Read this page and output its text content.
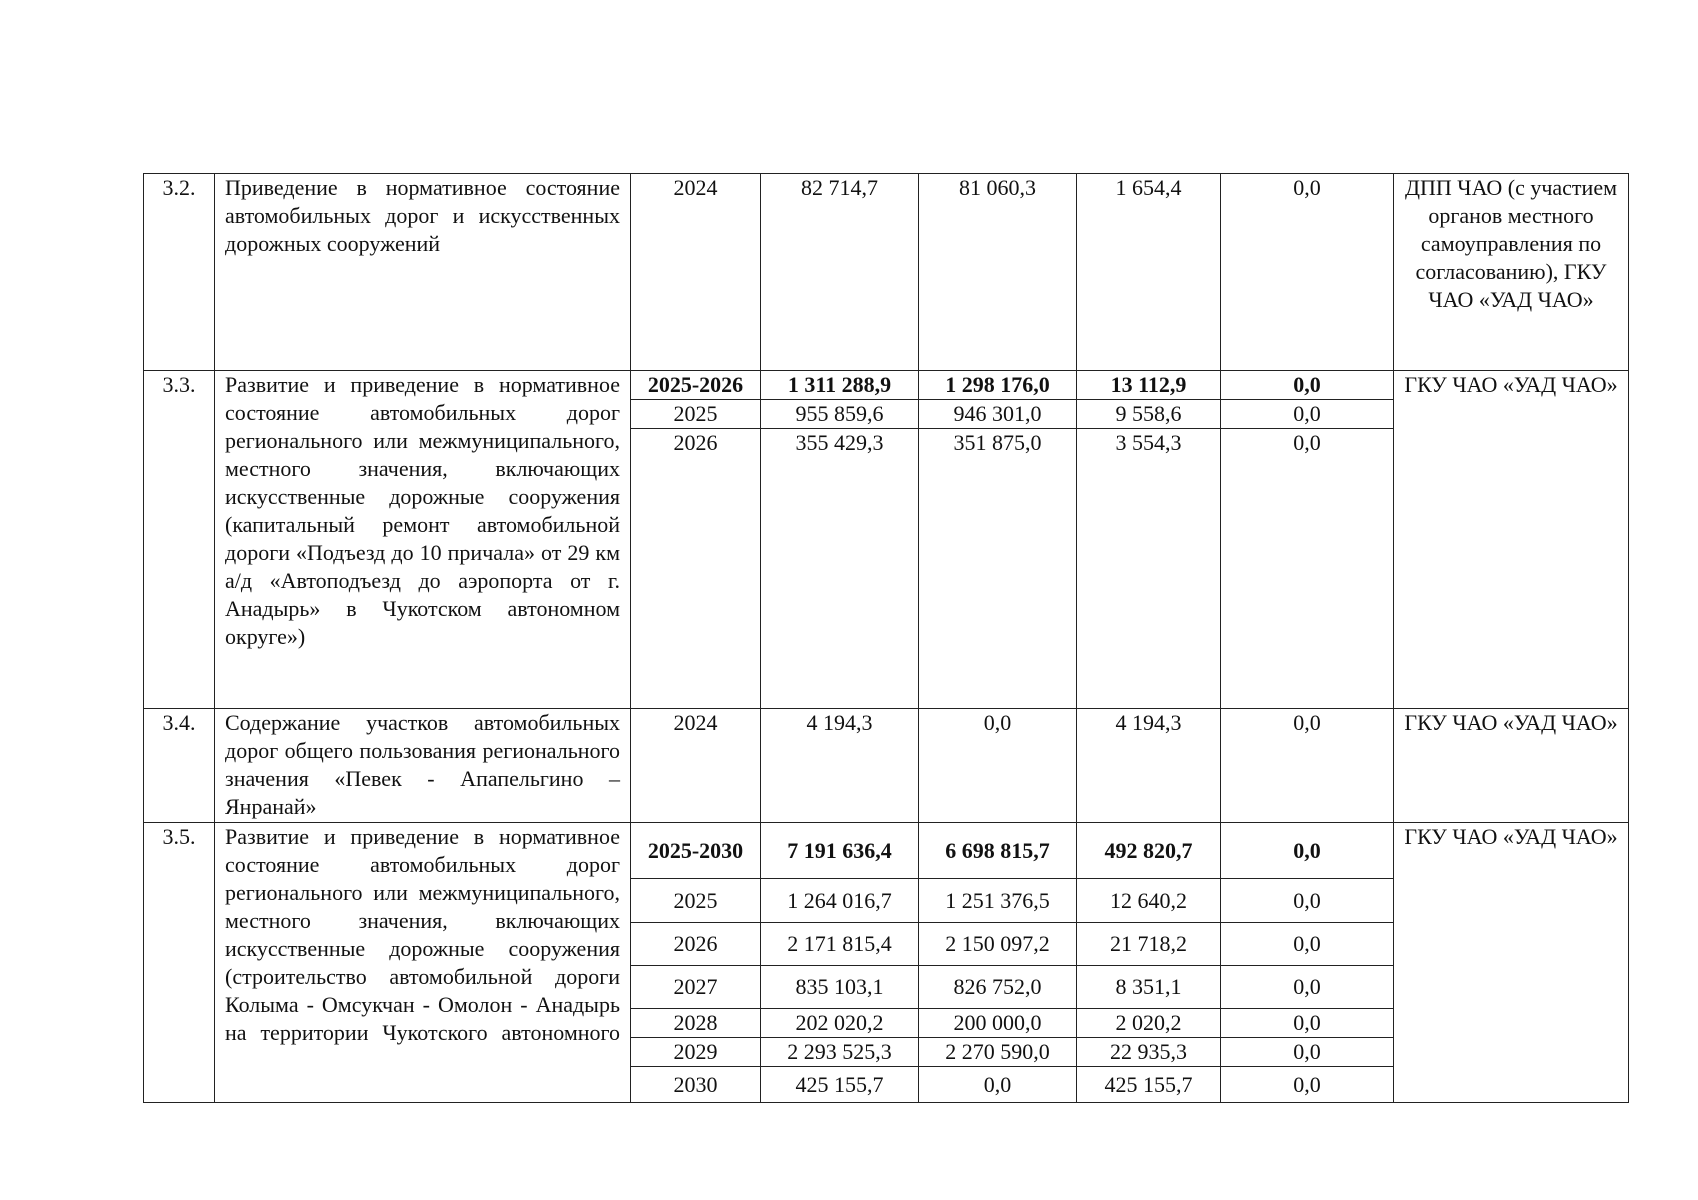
3.2.	Приведение в нормативное состояние автомобильных дорог и искусственных дорожных сооружений	2024	82 714,7	81 060,3	1 654,4	0,0	ДПП ЧАО (с участием органов местного самоуправления по согласованию), ГКУ ЧАО «УАД ЧАО»
3.3.	Развитие и приведение в нормативное состояние автомобильных дорог регионального или межмуниципального, местного значения, включающих искусственные дорожные сооружения (капитальный ремонт автомобильной дороги «Подъезд до 10 причала» от 29 км а/д «Автоподъезд до аэропорта от г. Анадырь» в Чукотском автономном округе»)	2025-2026	1 311 288,9	1 298 176,0	13 112,9	0,0	ГКУ ЧАО «УАД ЧАО»
		2025	955 859,6	946 301,0	9 558,6	0,0	
		2026	355 429,3	351 875,0	3 554,3	0,0	
3.4.	Содержание участков автомобильных дорог общего пользования регионального значения «Певек - Апапельгино – Янранай»	2024	4 194,3	0,0	4 194,3	0,0	ГКУ ЧАО «УАД ЧАО»
3.5.	Развитие и приведение в нормативное состояние автомобильных дорог регионального или межмуниципального, местного значения, включающих искусственные дорожные сооружения (строительство автомобильной дороги Колыма - Омсукчан - Омолон - Анадырь на территории Чукотского автономного	2025-2030	7 191 636,4	6 698 815,7	492 820,7	0,0	ГКУ ЧАО «УАД ЧАО»
		2025	1 264 016,7	1 251 376,5	12 640,2	0,0	
		2026	2 171 815,4	2 150 097,2	21 718,2	0,0	
		2027	835 103,1	826 752,0	8 351,1	0,0	
		2028	202 020,2	200 000,0	2 020,2	0,0	
		2029	2 293 525,3	2 270 590,0	22 935,3	0,0	
		2030	425 155,7	0,0	425 155,7	0,0	
